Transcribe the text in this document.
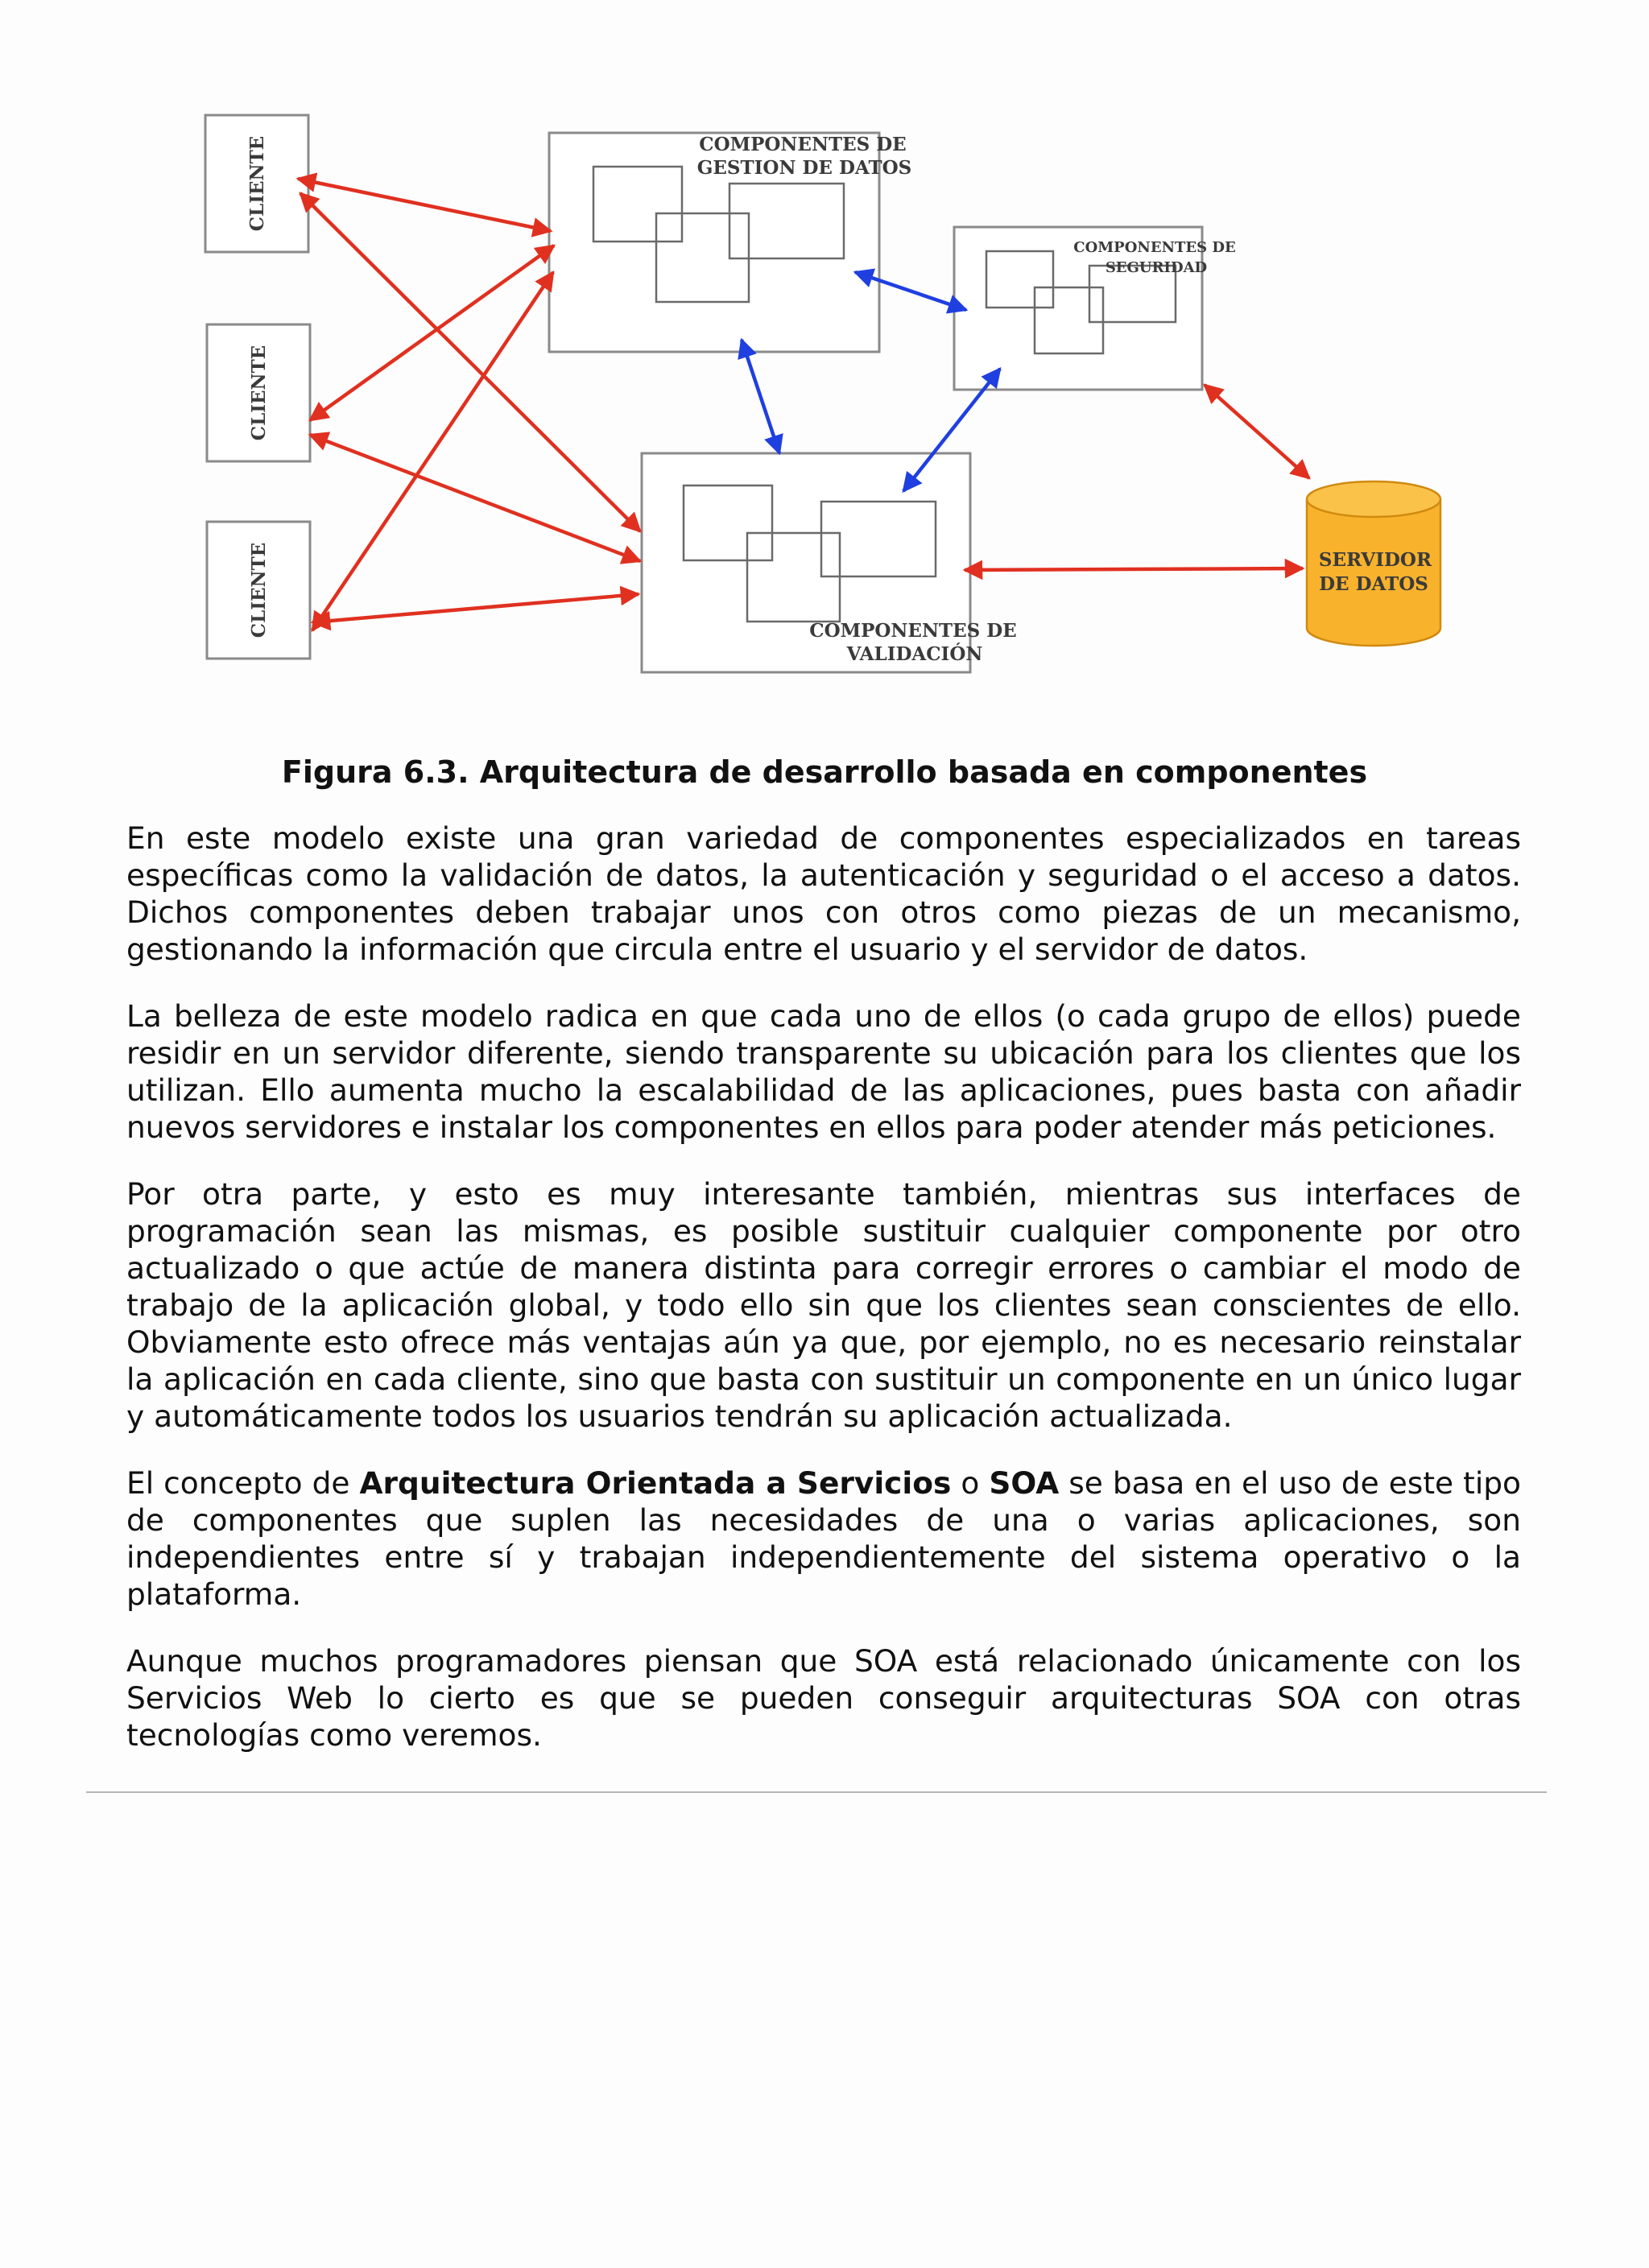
CLIENTE
CLIENTE
CLIENTE
COMPONENTES DE
GESTION DE DATOS
COMPONENTES DE
SEGURIDAD
COMPONENTES DE
VALIDACIÓN
SERVIDOR
DE DATOS

Figura 6.3. Arquitectura de desarrollo basada en componentes

En este modelo existe una gran variedad de componentes especializados en tareas específicas como la validación de datos, la autenticación y seguridad o el acceso a datos. Dichos componentes deben trabajar unos con otros como piezas de un mecanismo, gestionando la información que circula entre el usuario y el servidor de datos.

La belleza de este modelo radica en que cada uno de ellos (o cada grupo de ellos) puede residir en un servidor diferente, siendo transparente su ubicación para los clientes que los utilizan. Ello aumenta mucho la escalabilidad de las aplicaciones, pues basta con añadir nuevos servidores e instalar los componentes en ellos para poder atender más peticiones.

Por otra parte, y esto es muy interesante también, mientras sus interfaces de programación sean las mismas, es posible sustituir cualquier componente por otro actualizado o que actúe de manera distinta para corregir errores o cambiar el modo de trabajo de la aplicación global, y todo ello sin que los clientes sean conscientes de ello. Obviamente esto ofrece más ventajas aún ya que, por ejemplo, no es necesario reinstalar la aplicación en cada cliente, sino que basta con sustituir un componente en un único lugar y automáticamente todos los usuarios tendrán su aplicación actualizada.

El concepto de Arquitectura Orientada a Servicios o SOA se basa en el uso de este tipo de componentes que suplen las necesidades de una o varias aplicaciones, son independientes entre sí y trabajan independientemente del sistema operativo o la plataforma.

Aunque muchos programadores piensan que SOA está relacionado únicamente con los Servicios Web lo cierto es que se pueden conseguir arquitecturas SOA con otras tecnologías como veremos.
